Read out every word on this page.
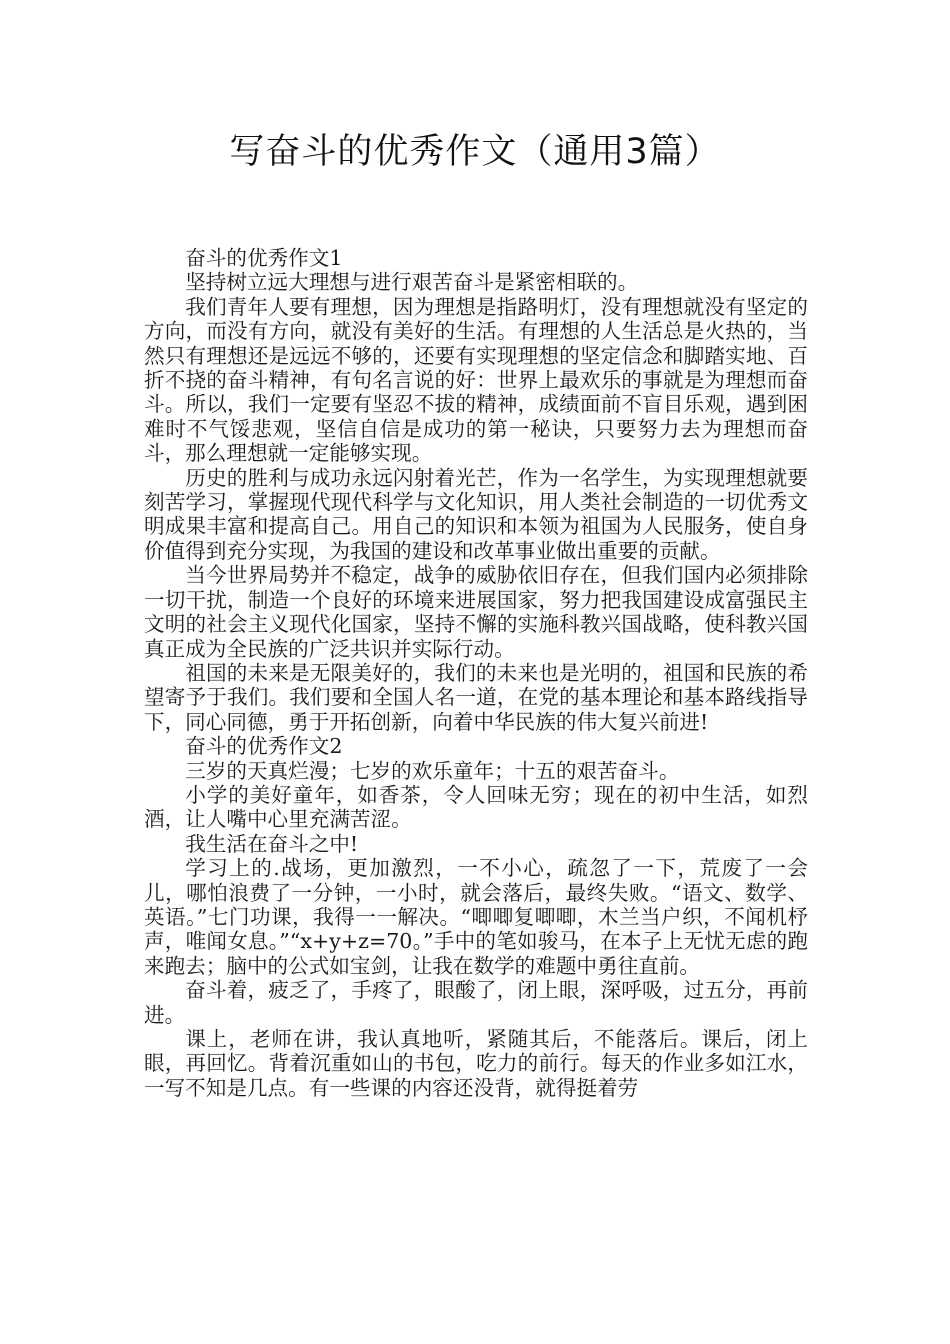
写奋斗的优秀作文（通用3篇）

奋斗的优秀作文1

坚持树立远大理想与进行艰苦奋斗是紧密相联的。

我们青年人要有理想，因为理想是指路明灯，没有理想就没有坚定的方向，而没有方向，就没有美好的生活。有理想的人生活总是火热的，当然只有理想还是远远不够的，还要有实现理想的坚定信念和脚踏实地、百折不挠的奋斗精神，有句名言说的好：世界上最欢乐的事就是为理想而奋斗。所以，我们一定要有坚忍不拔的精神，成绩面前不盲目乐观，遇到困难时不气馁悲观，坚信自信是成功的第一秘诀，只要努力去为理想而奋斗，那么理想就一定能够实现。

历史的胜利与成功永远闪射着光芒，作为一名学生，为实现理想就要刻苦学习，掌握现代现代科学与文化知识，用人类社会制造的一切优秀文明成果丰富和提高自己。用自己的知识和本领为祖国为人民服务，使自身价值得到充分实现，为我国的建设和改革事业做出重要的贡献。

当今世界局势并不稳定，战争的威胁依旧存在，但我们国内必须排除一切干扰，制造一个良好的环境来进展国家，努力把我国建设成富强民主文明的社会主义现代化国家，坚持不懈的实施科教兴国战略，使科教兴国真正成为全民族的广泛共识并实际行动。

祖国的未来是无限美好的，我们的未来也是光明的，祖国和民族的希望寄予于我们。我们要和全国人名一道，在党的基本理论和基本路线指导下，同心同德，勇于开拓创新，向着中华民族的伟大复兴前进!

奋斗的优秀作文2

三岁的天真烂漫；七岁的欢乐童年；十五的艰苦奋斗。

小学的美好童年，如香茶，令人回味无穷；现在的初中生活，如烈酒，让人嘴中心里充满苦涩。

我生活在奋斗之中!

学习上的.战场，更加激烈，一不小心，疏忽了一下，荒废了一会儿，哪怕浪费了一分钟，一小时，就会落后，最终失败。“语文、数学、英语。”七门功课，我得一一解决。“唧唧复唧唧，木兰当户织，不闻机杼声，唯闻女息。”“x+y+z=70。”手中的笔如骏马，在本子上无忧无虑的跑来跑去；脑中的公式如宝剑，让我在数学的难题中勇往直前。

奋斗着，疲乏了，手疼了，眼酸了，闭上眼，深呼吸，过五分，再前进。

课上，老师在讲，我认真地听，紧随其后，不能落后。课后，闭上眼，再回忆。背着沉重如山的书包，吃力的前行。每天的作业多如江水，一写不知是几点。有一些课的内容还没背，就得挺着劳
